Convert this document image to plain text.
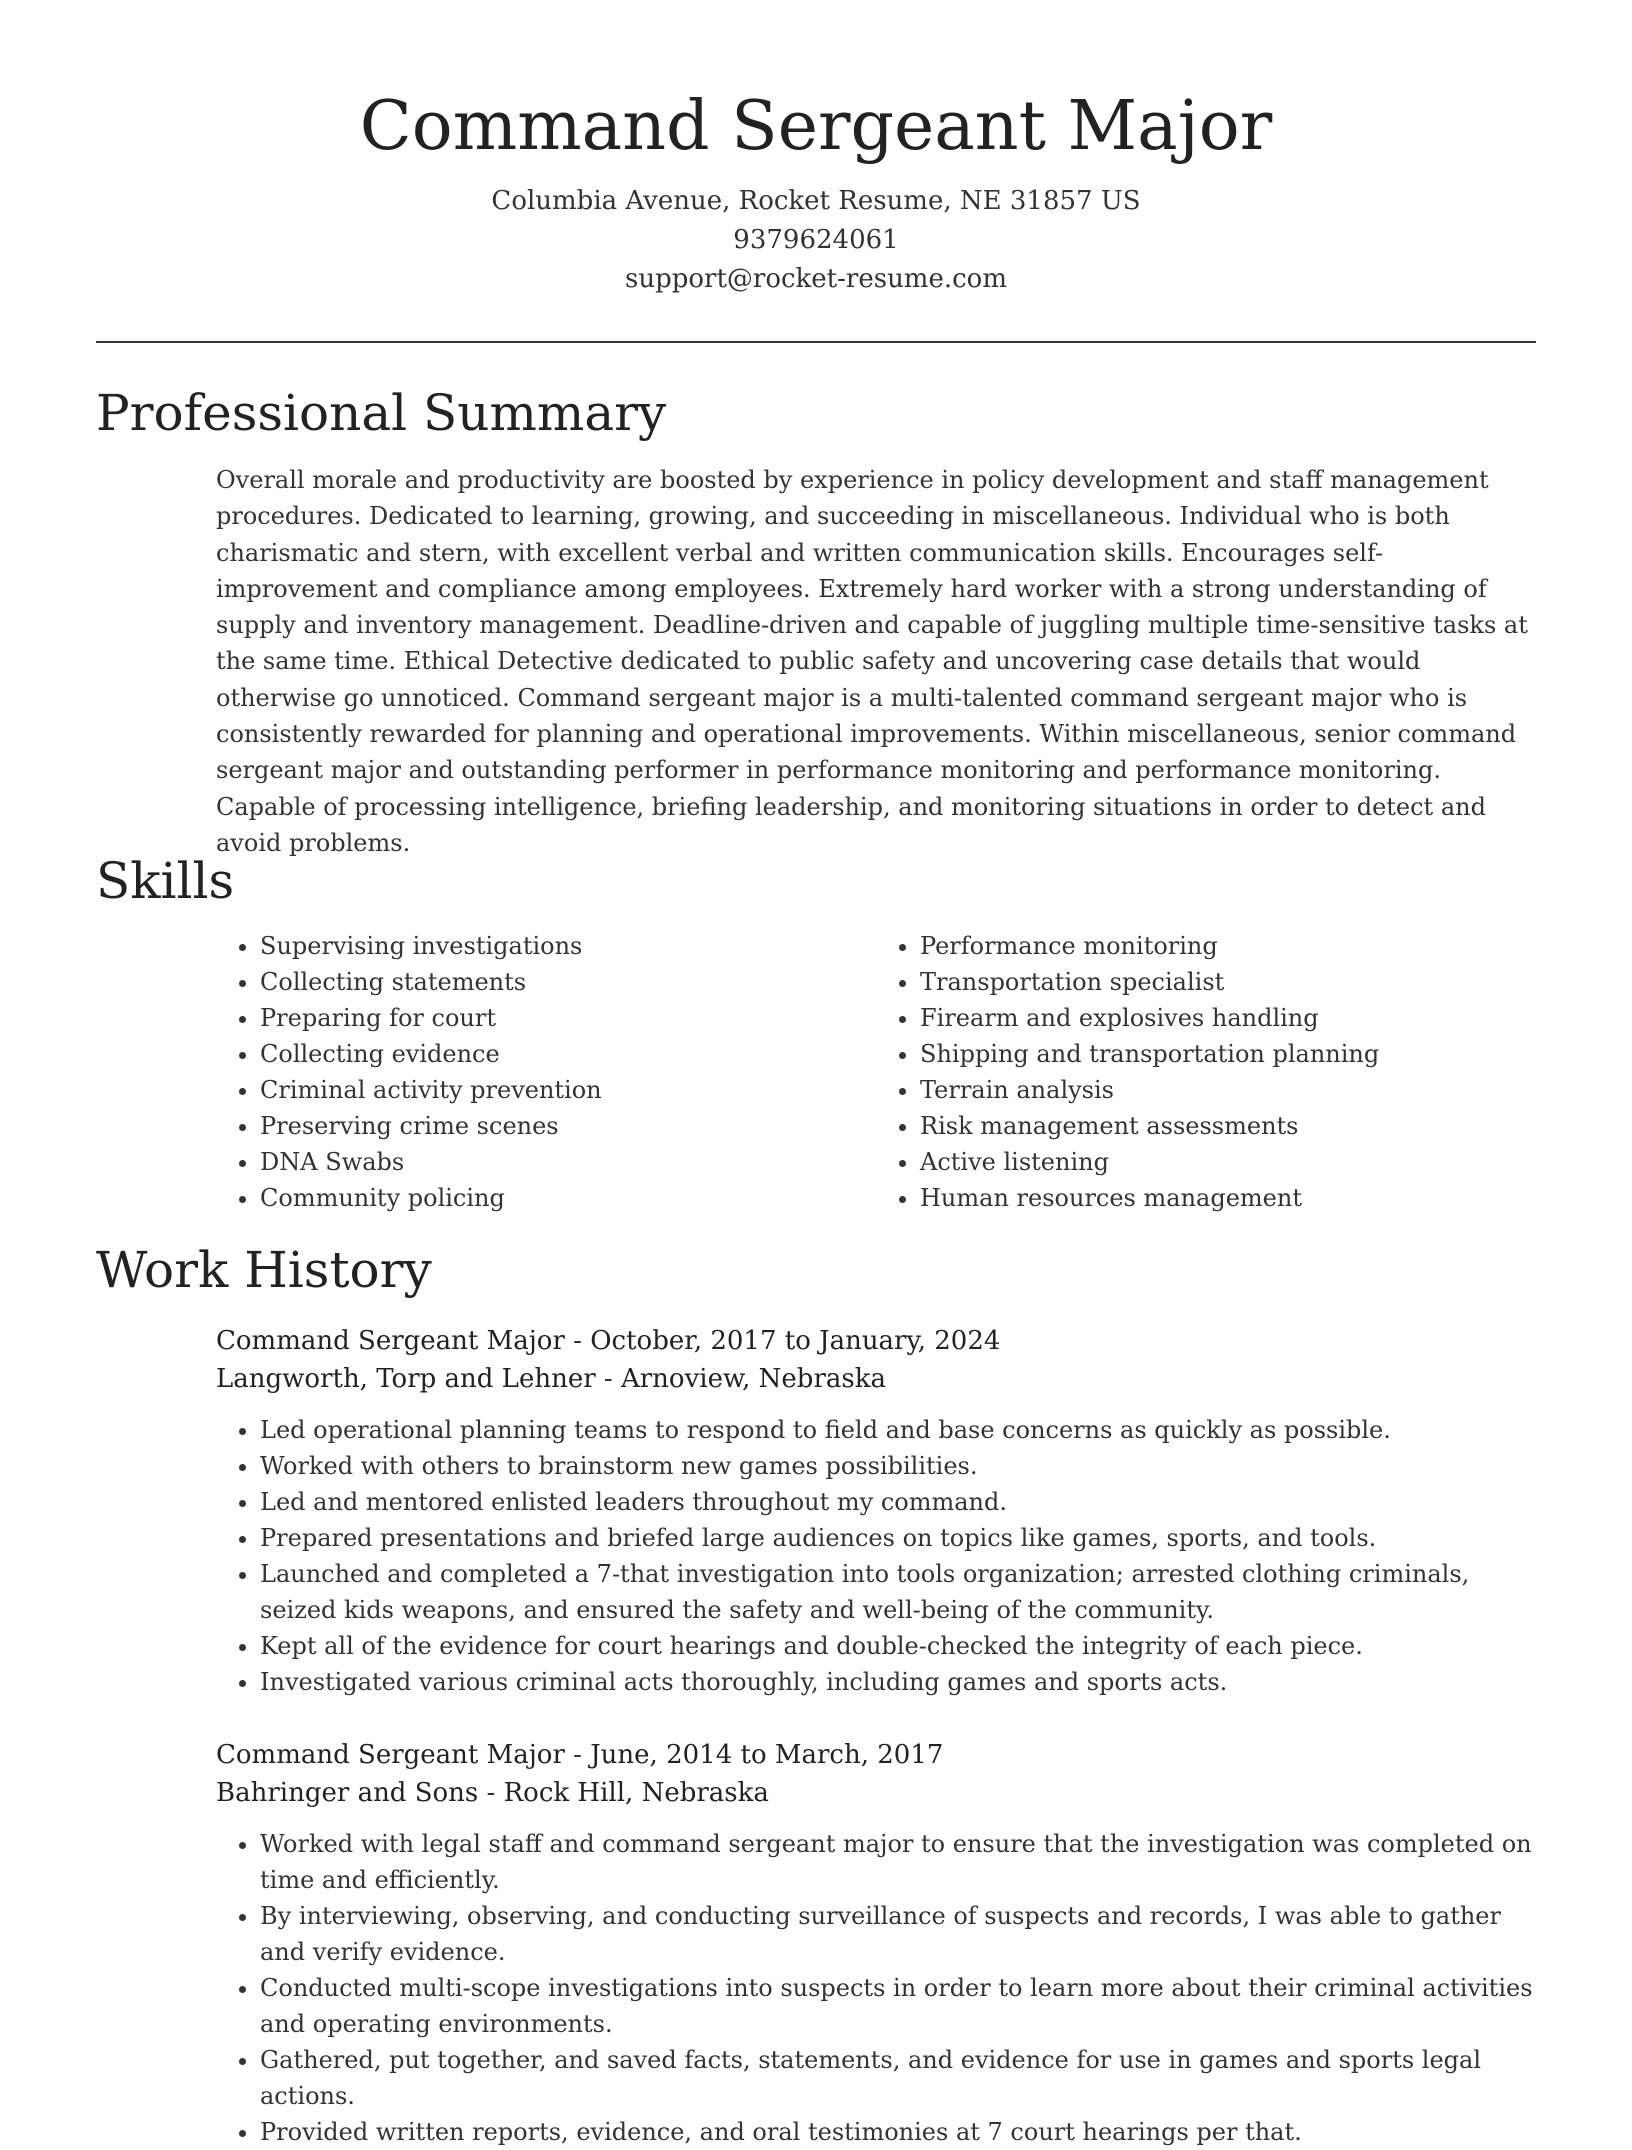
Command Sergeant Major
Columbia Avenue, Rocket Resume, NE 31857 US
9379624061
support@rocket-resume.com
Professional Summary

Overall morale and productivity are boosted by experience in policy development and staff management procedures. Dedicated to learning, growing, and succeeding in miscellaneous. Individual who is both charismatic and stern, with excellent verbal and written communication skills. Encourages self-improvement and compliance among employees. Extremely hard worker with a strong understanding of supply and inventory management. Deadline-driven and capable of juggling multiple time-sensitive tasks at the same time. Ethical Detective dedicated to public safety and uncovering case details that would otherwise go unnoticed. Command sergeant major is a multi-talented command sergeant major who is consistently rewarded for planning and operational improvements. Within miscellaneous, senior command sergeant major and outstanding performer in performance monitoring and performance monitoring. Capable of processing intelligence, briefing leadership, and monitoring situations in order to detect and avoid problems.

Skills
• Supervising investigations
• Collecting statements
• Preparing for court
• Collecting evidence
• Criminal activity prevention
• Preserving crime scenes
• DNA Swabs
• Community policing
• Performance monitoring
• Transportation specialist
• Firearm and explosives handling
• Shipping and transportation planning
• Terrain analysis
• Risk management assessments
• Active listening
• Human resources management
Work History
Command Sergeant Major - October, 2017 to January, 2024
Langworth, Torp and Lehner - Arnoview, Nebraska
• Led operational planning teams to respond to field and base concerns as quickly as possible.
• Worked with others to brainstorm new games possibilities.
• Led and mentored enlisted leaders throughout my command.
• Prepared presentations and briefed large audiences on topics like games, sports, and tools.
• Launched and completed a 7-that investigation into tools organization; arrested clothing criminals, seized kids weapons, and ensured the safety and well-being of the community.
• Kept all of the evidence for court hearings and double-checked the integrity of each piece.
• Investigated various criminal acts thoroughly, including games and sports acts.
Command Sergeant Major - June, 2014 to March, 2017
Bahringer and Sons - Rock Hill, Nebraska
• Worked with legal staff and command sergeant major to ensure that the investigation was completed on time and efficiently.
• By interviewing, observing, and conducting surveillance of suspects and records, I was able to gather and verify evidence.
• Conducted multi-scope investigations into suspects in order to learn more about their criminal activities and operating environments.
• Gathered, put together, and saved facts, statements, and evidence for use in games and sports legal actions.
• Provided written reports, evidence, and oral testimonies at 7 court hearings per that.
